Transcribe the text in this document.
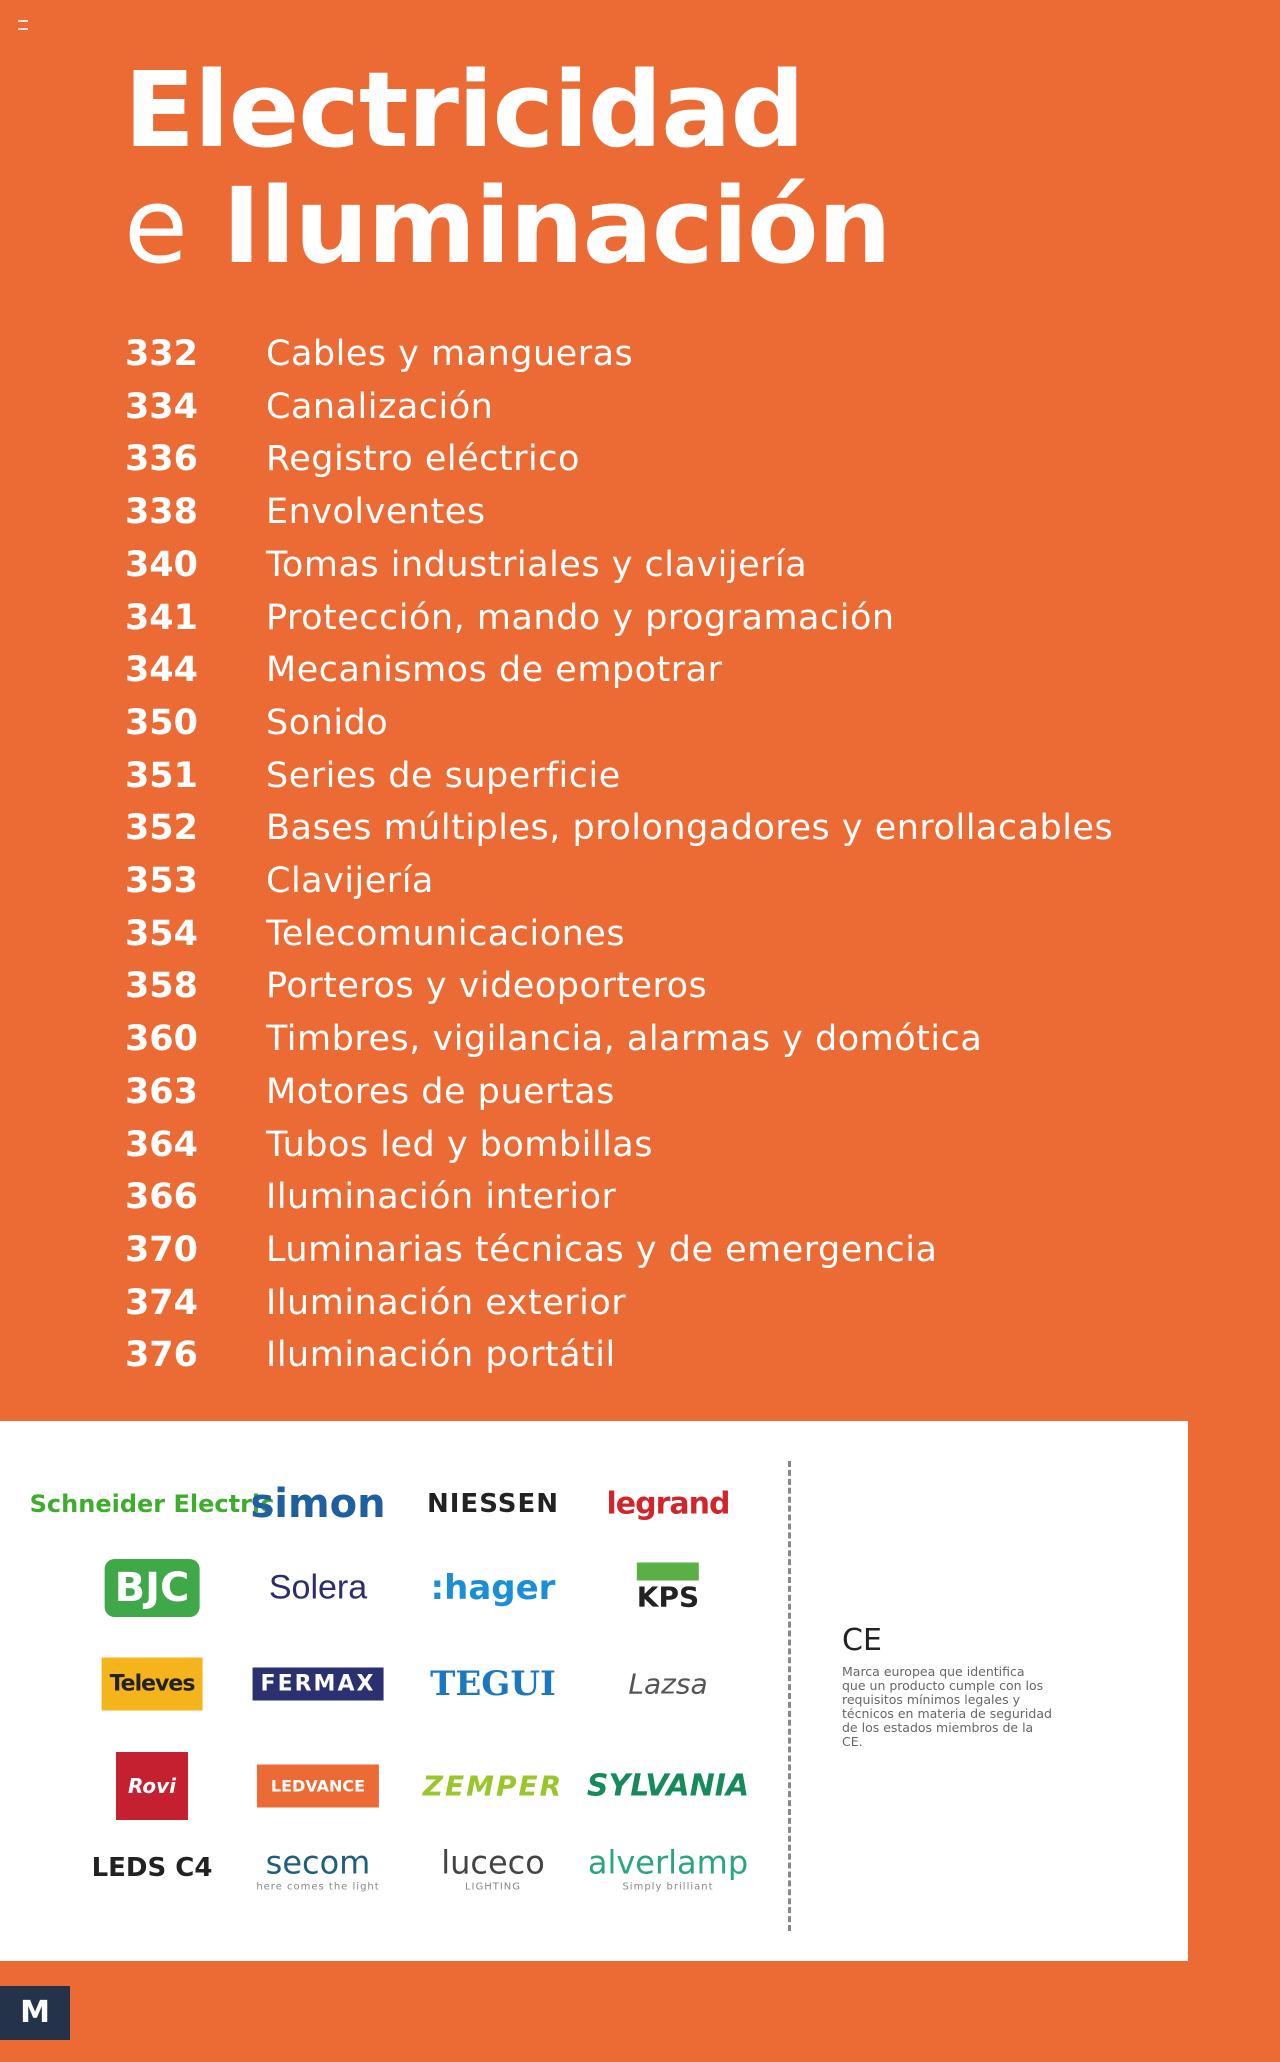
Electricidad
e Iluminación
332 Cables y mangueras
334 Canalización
336 Registro eléctrico
338 Envolventes
340 Tomas industriales y clavijería
341 Protección, mando y programación
344 Mecanismos de empotrar
350 Sonido
351 Series de superficie
352 Bases múltiples, prolongadores y enrollacables
353 Clavijería
354 Telecomunicaciones
358 Porteros y videoporteros
360 Timbres, vigilancia, alarmas y domótica
363 Motores de puertas
364 Tubos led y bombillas
366 Iluminación interior
370 Luminarias técnicas y de emergencia
374 Iluminación exterior
376 Iluminación portátil
Schneider Electric
simon NIESSEN legrand
BJC Solera :hager	KPS
Televes	FERMAX TEGUI	Lazsa
Rovi	LEDVANCE	ZEMPER SYLVANIA
LEDS C4 secom
here comes the light
luceco
LIGHTING
alverlamp
Simply brilliant
CE
Marca europea que identifica que un producto cumple con los requisitos mínimos legales y técnicos en materia de seguridad de los estados miembros de la CE.
M
